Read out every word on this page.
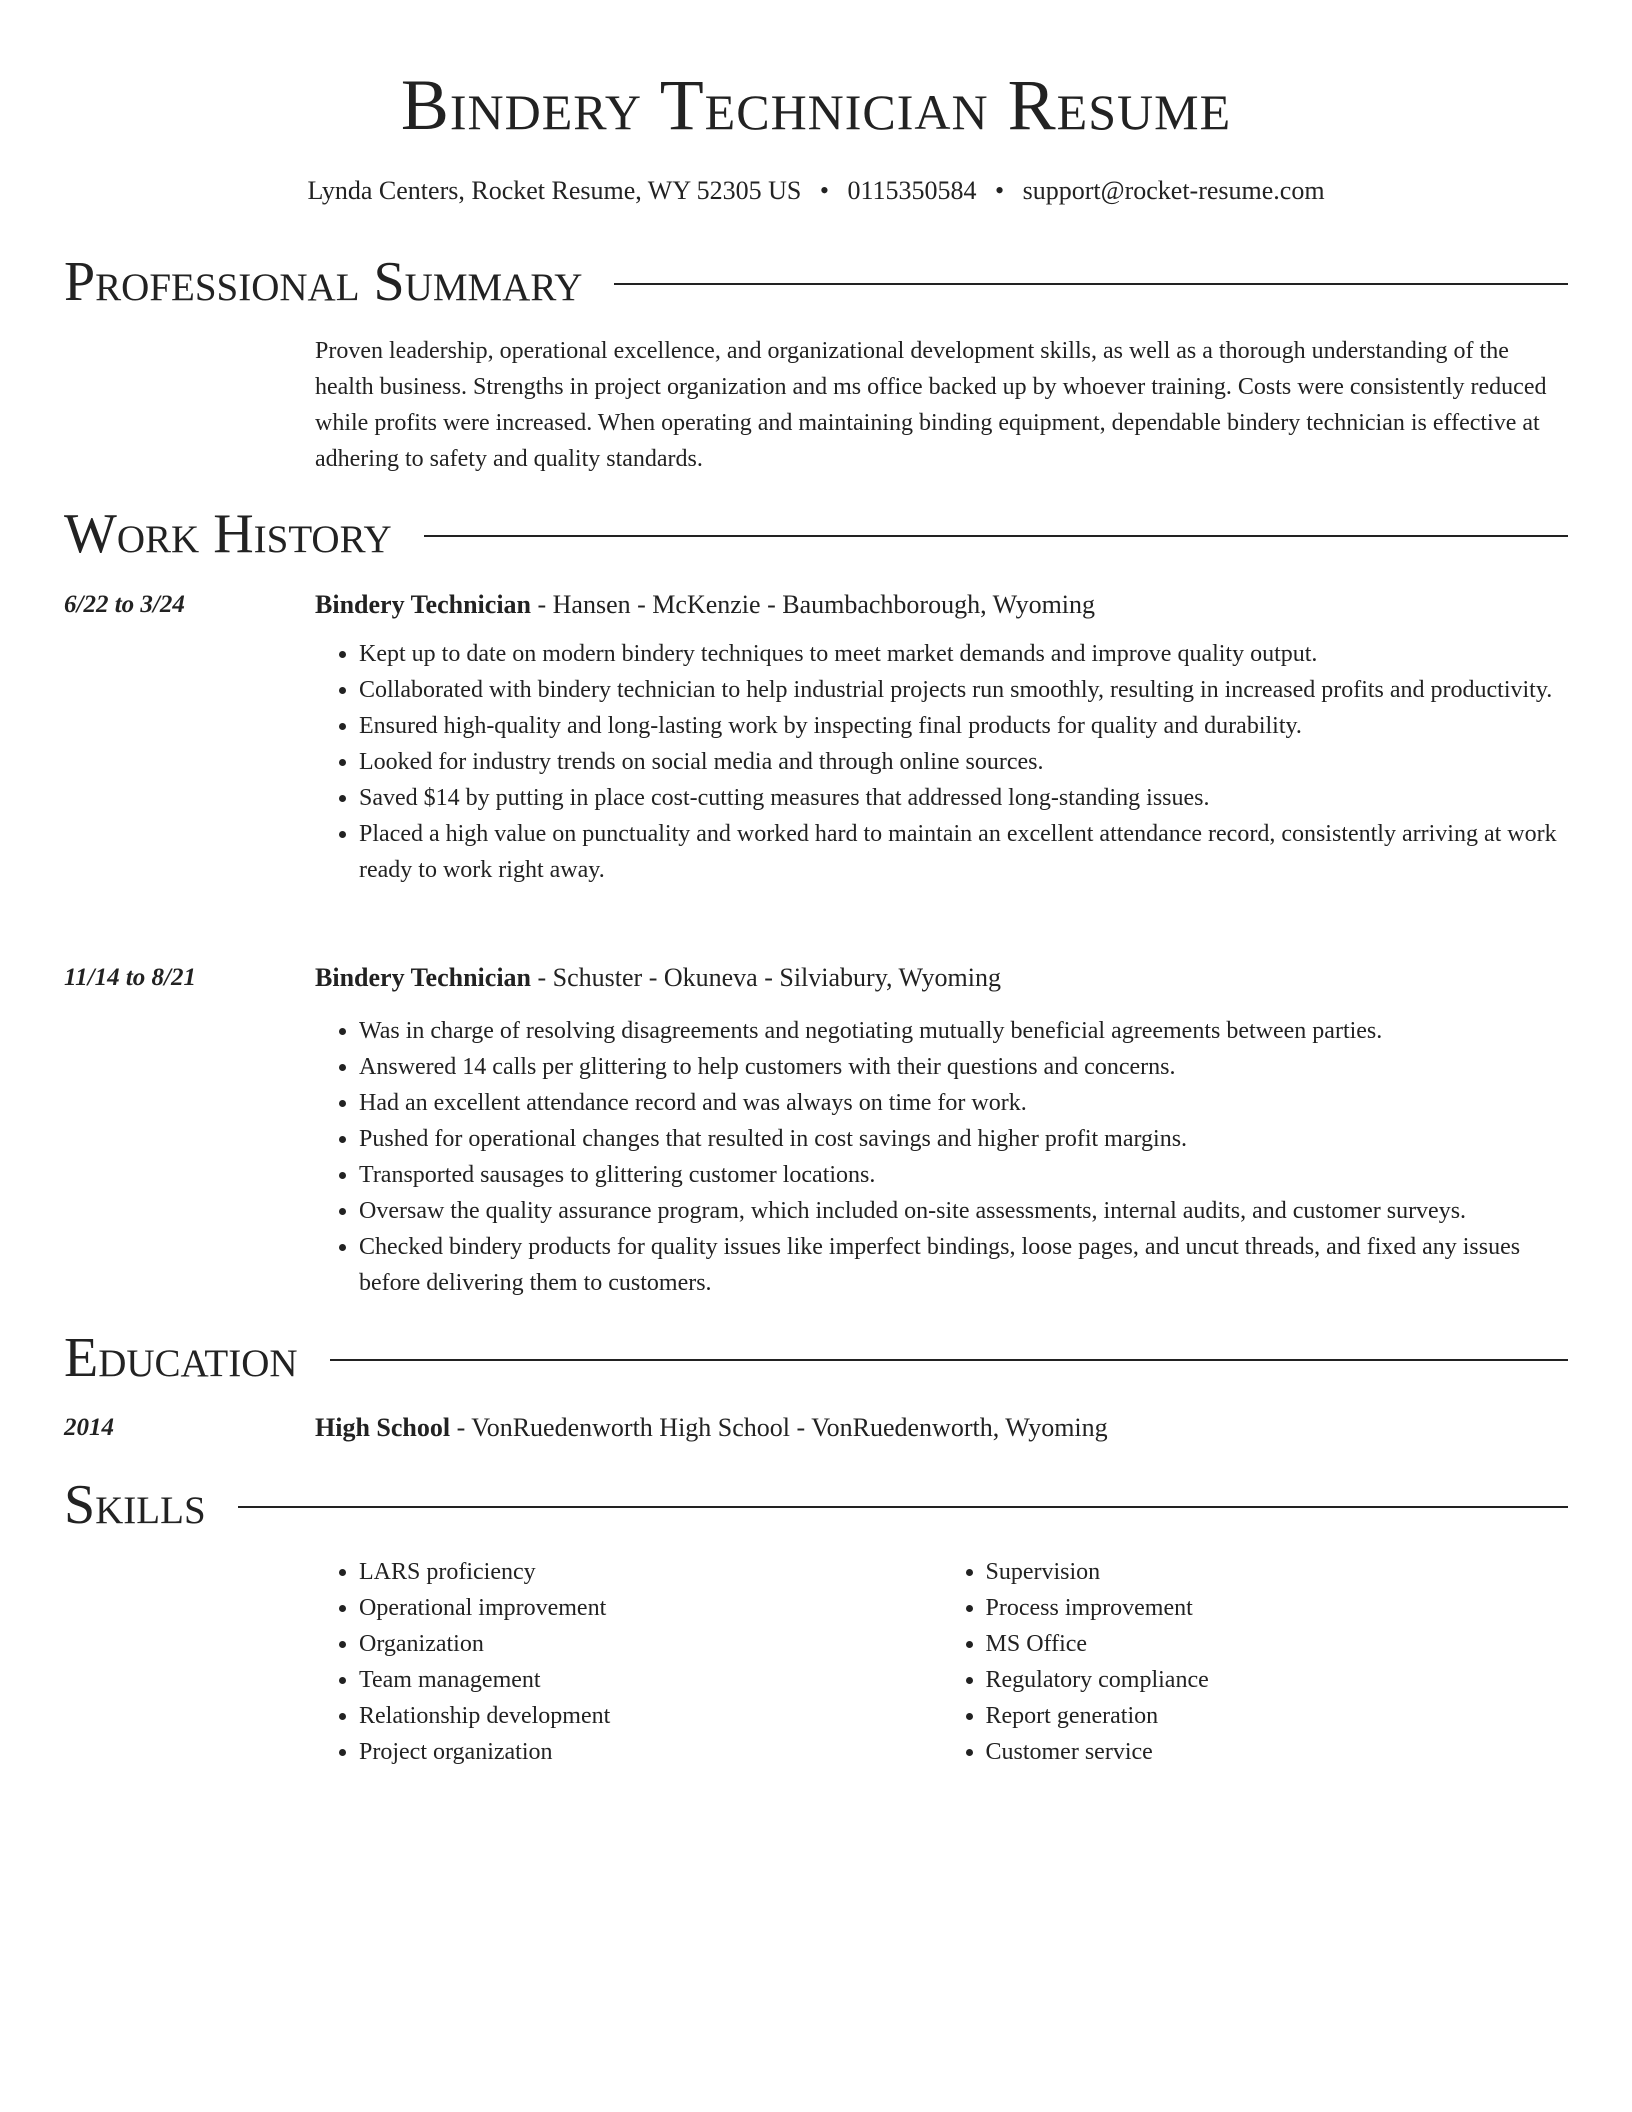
Bindery Technician Resume
Lynda Centers, Rocket Resume, WY 52305 US • 0115350584 • support@rocket-resume.com
Professional Summary

Proven leadership, operational excellence, and organizational development skills, as well as a thorough understanding of the health business. Strengths in project organization and ms office backed up by whoever training. Costs were consistently reduced while profits were increased. When operating and maintaining binding equipment, dependable bindery technician is effective at adhering to safety and quality standards.

Work History
6/22 to 3/24	Bindery Technician - Hansen - McKenzie - Baumbachborough, Wyoming

• Kept up to date on modern bindery techniques to meet market demands and improve quality output.
• Collaborated with bindery technician to help industrial projects run smoothly, resulting in increased profits and productivity.
• Ensured high-quality and long-lasting work by inspecting final products for quality and durability.
• Looked for industry trends on social media and through online sources.
• Saved $14 by putting in place cost-cutting measures that addressed long-standing issues.
• Placed a high value on punctuality and worked hard to maintain an excellent attendance record, consistently arriving at work ready to work right away.
11/14 to 8/21	Bindery Technician - Schuster - Okuneva - Silviabury, Wyoming

• Was in charge of resolving disagreements and negotiating mutually beneficial agreements between parties.
• Answered 14 calls per glittering to help customers with their questions and concerns.
• Had an excellent attendance record and was always on time for work.
• Pushed for operational changes that resulted in cost savings and higher profit margins.
• Transported sausages to glittering customer locations.
• Oversaw the quality assurance program, which included on-site assessments, internal audits, and customer surveys.
• Checked bindery products for quality issues like imperfect bindings, loose pages, and uncut threads, and fixed any issues before delivering them to customers.
Education
2014	High School - VonRuedenworth High School - VonRuedenworth, Wyoming

Skills
• LARS proficiency
• Operational improvement
• Organization
• Team management
• Relationship development
• Project organization
• Supervision
• Process improvement
• MS Office
• Regulatory compliance
• Report generation
• Customer service
